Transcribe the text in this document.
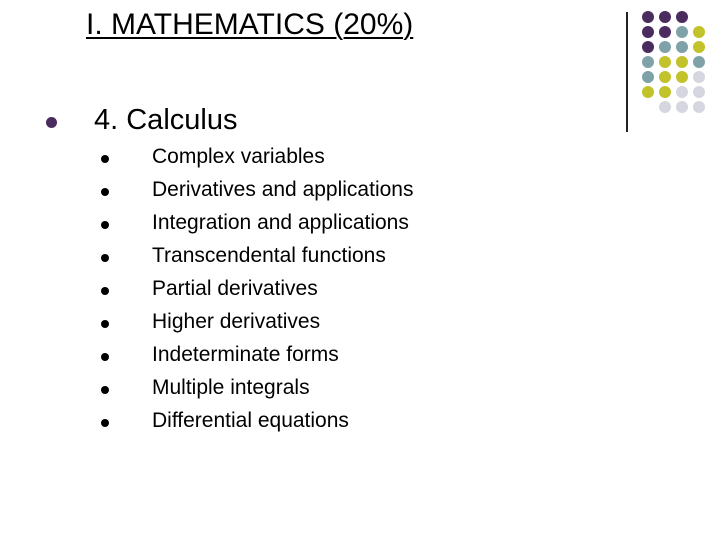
I. MATHEMATICS (20%)
4. Calculus
Complex variables
Derivatives and applications
Integration and applications
Transcendental functions
Partial derivatives
Higher derivatives
Indeterminate forms
Multiple integrals
Differential equations
